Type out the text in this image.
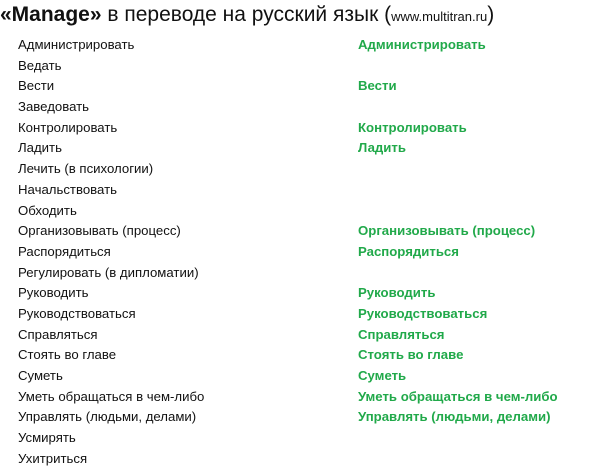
«Manage» в переводе на русский язык (www.multitran.ru)
Администрировать	Администрировать
Ведать
Вести	Вести
Заведовать
Контролировать	Контролировать
Ладить	Ладить
Лечить (в психологии)
Начальствовать
Обходить
Организовывать (процесс)	Организовывать (процесс)
Распорядиться	Распорядиться
Регулировать (в дипломатии)
Руководить	Руководить
Руководствоваться	Руководствоваться
Справляться	Справляться
Стоять во главе	Стоять во главе
Суметь	Суметь
Уметь обращаться в чем-либо	Уметь обращаться в чем-либо
Управлять (людьми, делами)	Управлять (людьми, делами)
Усмирять
Ухитриться
